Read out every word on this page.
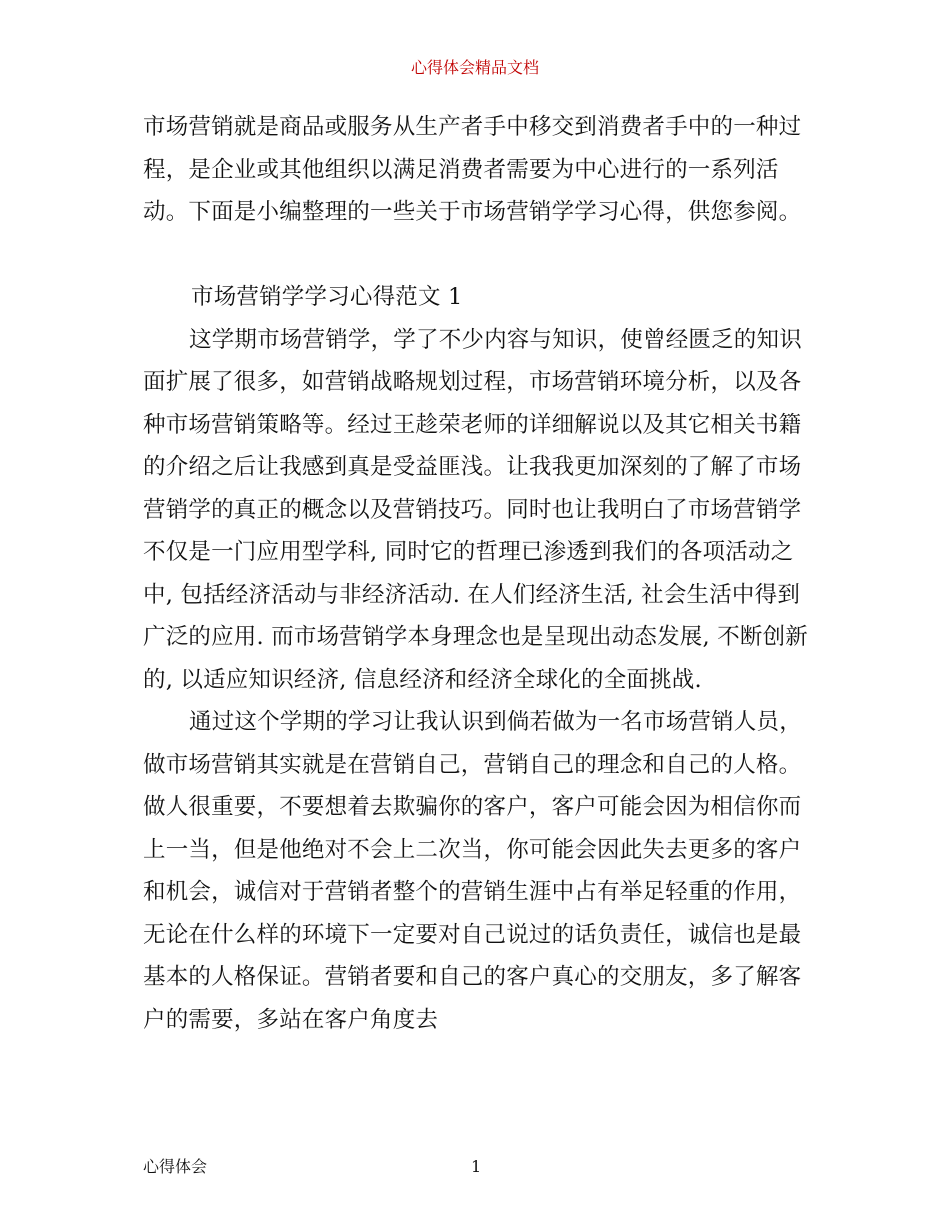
心得体会精品文档

市场营销就是商品或服务从生产者手中移交到消费者手中的一种过程，是企业或其他组织以满足消费者需要为中心进行的一系列活动。下面是小编整理的一些关于市场营销学学习心得，供您参阅。

市场营销学学习心得范文 1

这学期市场营销学，学了不少内容与知识，使曾经匮乏的知识面扩展了很多，如营销战略规划过程，市场营销环境分析，以及各种市场营销策略等。经过王趁荣老师的详细解说以及其它相关书籍的介绍之后让我感到真是受益匪浅。让我我更加深刻的了解了市场营销学的真正的概念以及营销技巧。同时也让我明白了市场营销学不仅是一门应用型学科, 同时它的哲理已渗透到我们的各项活动之中, 包括经济活动与非经济活动. 在人们经济生活, 社会生活中得到广泛的应用. 而市场营销学本身理念也是呈现出动态发展, 不断创新的, 以适应知识经济, 信息经济和经济全球化的全面挑战.

通过这个学期的学习让我认识到倘若做为一名市场营销人员，做市场营销其实就是在营销自己，营销自己的理念和自己的人格。做人很重要，不要想着去欺骗你的客户，客户可能会因为相信你而上一当，但是他绝对不会上二次当，你可能会因此失去更多的客户和机会，诚信对于营销者整个的营销生涯中占有举足轻重的作用，无论在什么样的环境下一定要对自己说过的话负责任，诚信也是最基本的人格保证。营销者要和自己的客户真心的交朋友，多了解客户的需要，多站在客户角度去

心得体会	1
